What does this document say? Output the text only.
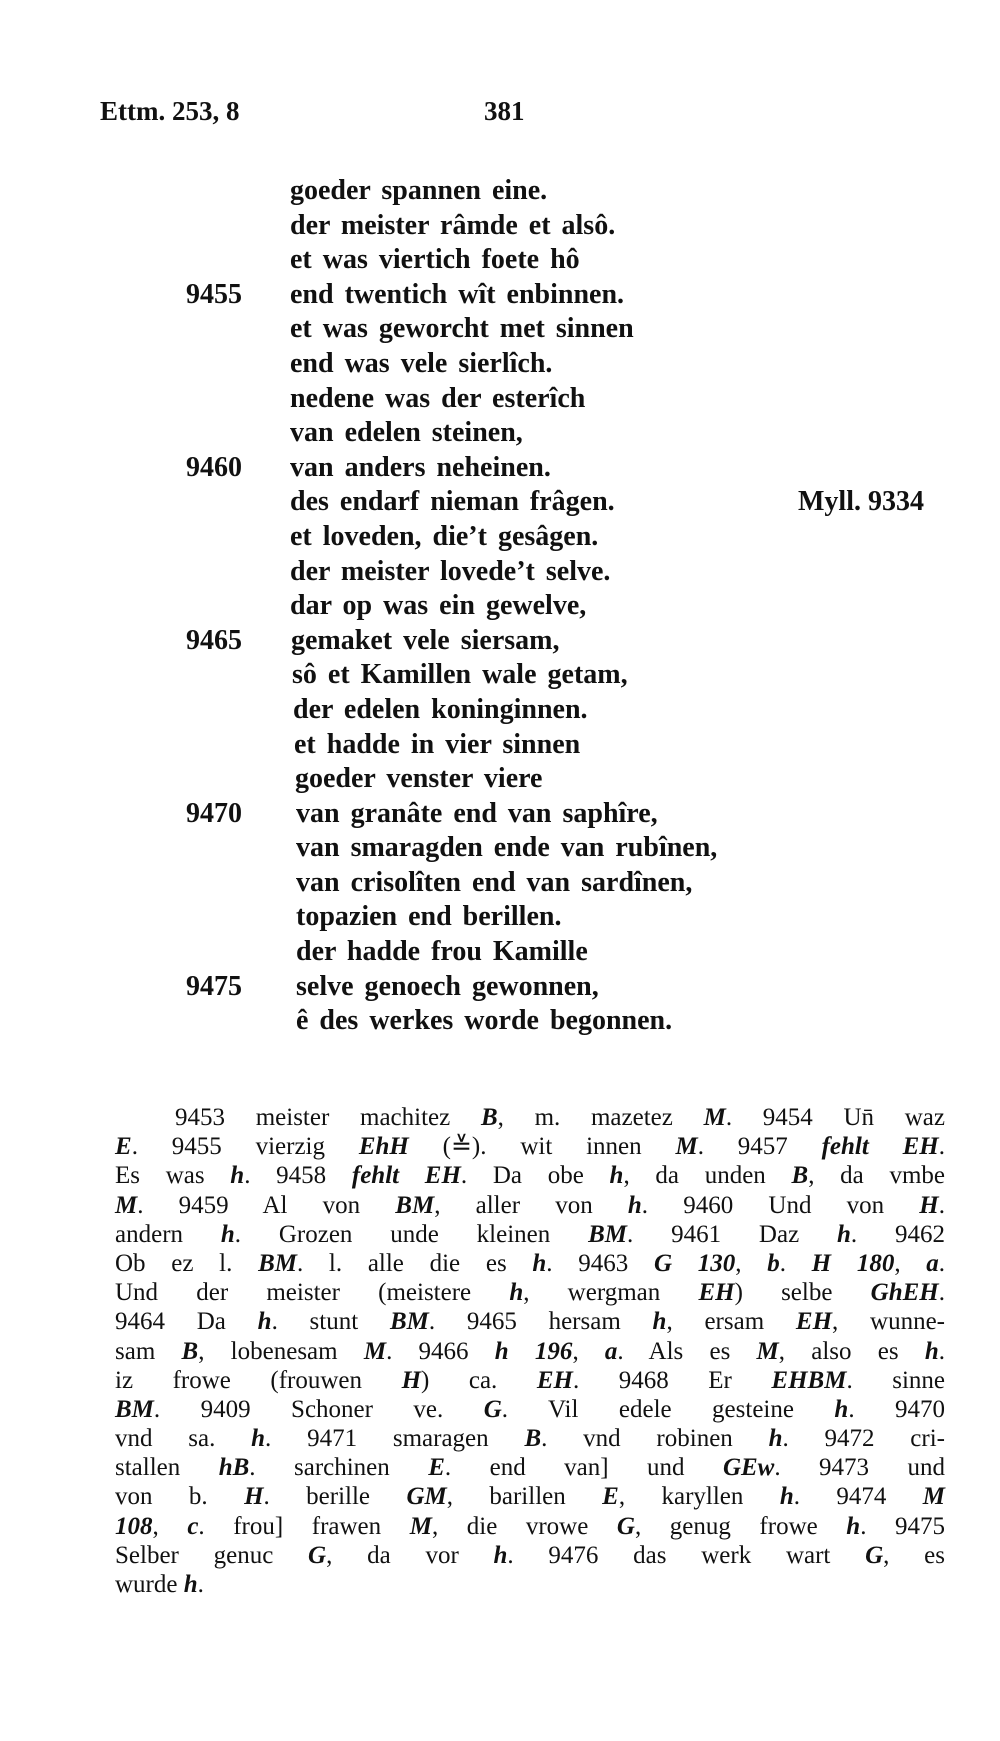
Ettm. 253, 8	381
goeder spannen eine.
der meister râmde et alsô.
et was viertich foete hô
9455 end twentich wît enbinnen.
et was geworcht met sinnen
end was vele sierlîch.
nedene was der esterîch
van edelen steinen,
9460 van anders neheinen.
des endarf nieman frâgen.	Myll. 9334
et loveden, die’t gesâgen.
der meister lovede’t selve.
dar op was ein gewelve,
9465 gemaket vele siersam,
sô et Kamillen wale getam,
der edelen koninginnen.
et hadde in vier sinnen
goeder venster viere
9470 van granâte end van saphîre,
van smaragden ende van rubînen,
van crisolîten end van sardînen,
topazien end berillen.
der hadde frou Kamille
9475 selve genoech gewonnen,
ê des werkes worde begonnen.
9453 meister machitez B, m. mazetez M. 9454 Un̄ waz
E. 9455 vierzig EhH (≚). wit innen M. 9457 fehlt EH.
Es was h. 9458 fehlt EH. Da obe h, da unden B, da vmbe
M. 9459 Al von BM, aller von h. 9460 Und von H.
andern h. Grozen unde kleinen BM. 9461 Daz h. 9462
Ob ez l. BM. l. alle die es h. 9463 G 130, b. H 180, a.
Und der meister (meistere h, wergman EH) selbe GhEH.
9464 Da h. stunt BM. 9465 hersam h, ersam EH, wunne-
sam B, lobenesam M. 9466 h 196, a. Als es M, also es h.
iz frowe (frouwen H) ca. EH. 9468 Er EHBM. sinne
BM. 9409 Schoner ve. G. Vil edele gesteine h. 9470
vnd sa. h. 9471 smaragen B. vnd robinen h. 9472 cri-
stallen hB. sarchinen E. end van] und GEw. 9473 und
von b. H. berille GM, barillen E, karyllen h. 9474 M
108, c. frou] frawen M, die vrowe G, genug frowe h. 9475
Selber genuc G, da vor h. 9476 das werk wart G, es
wurde h.
